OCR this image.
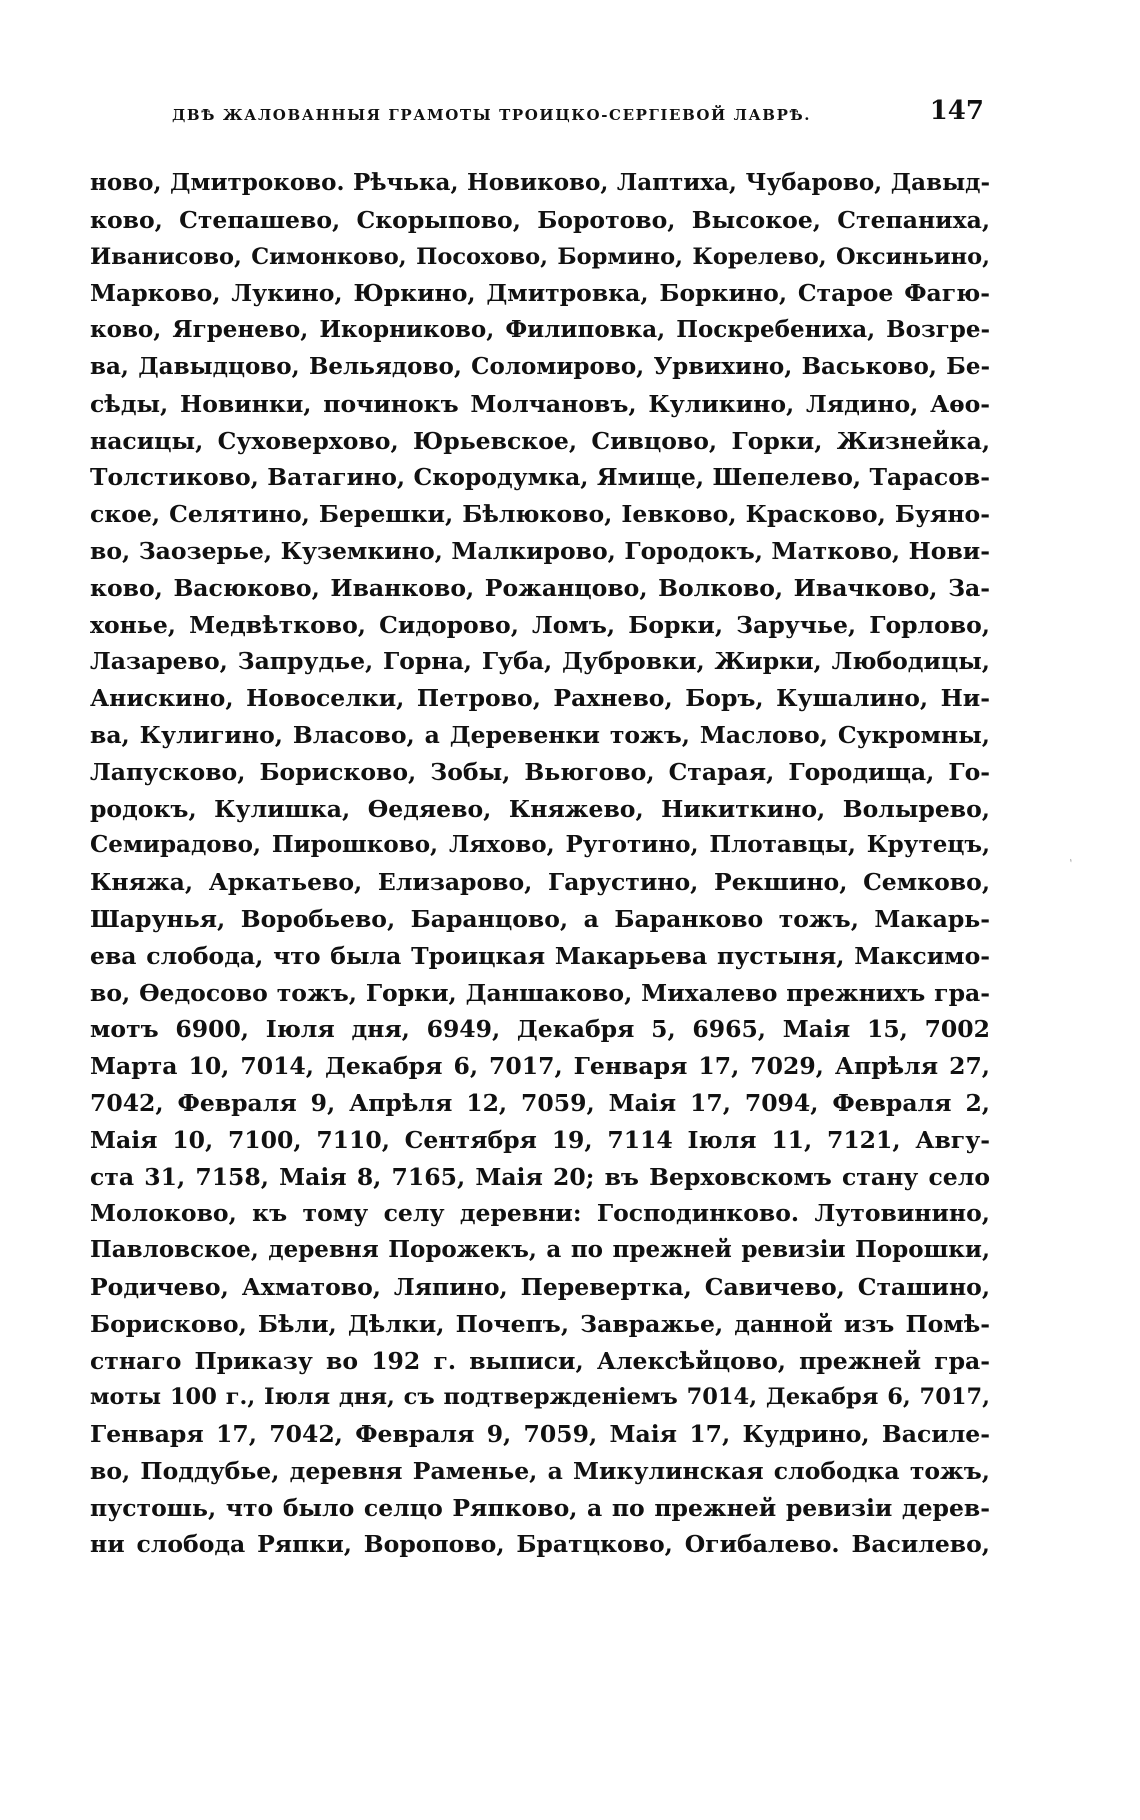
ДВѢ ЖАЛОВАННЫЯ ГРАМОТЫ ТРОИЦКО-СЕРГІЕВОЙ ЛАВРѢ.	147
ново, Дмитроково. Рѣчька, Новиково, Лаптиха, Чубарово, Давыд-
ково, Степашево, Скорыпово, Боротово, Высокое, Степаниха,
Иванисово, Симонково, Посохово, Бормино, Корелево, Оксиньино,
Марково, Лукино, Юркино, Дмитровка, Боркино, Старое Фагю-
ково, Ягренево, Икорниково, Филиповка, Поскребениха, Возгре-
ва, Давыдцово, Вельядово, Соломирово, Урвихино, Васьково, Бе-
сѣды, Новинки, починокъ Молчановъ, Куликино, Лядино, Аѳо-
насицы, Суховерхово, Юрьевское, Сивцово, Горки, Жизнейка,
Толстиково, Ватагино, Скородумка, Ямище, Шепелево, Тарасов-
ское, Селятино, Берешки, Бѣлюково, Іевково, Красково, Буяно-
во, Заозерье, Куземкино, Малкирово, Городокъ, Матково, Нови-
ково, Васюково, Иванково, Рожанцово, Волково, Ивачково, За-
хонье, Медвѣтково, Сидорово, Ломъ, Борки, Заручье, Горлово,
Лазарево, Запрудье, Горна, Губа, Дубровки, Жирки, Любодицы,
Анискино, Новоселки, Петрово, Рахнево, Боръ, Кушалино, Ни-
ва, Кулигино, Власово, а Деревенки тожъ, Маслово, Сукромны,
Лапусково, Борисково, Зобы, Вьюгово, Старая, Городища, Го-
родокъ, Кулишка, Ѳедяево, Княжево, Никиткино, Волырево,
Семирадово, Пирошково, Ляхово, Руготино, Плотавцы, Крутецъ,
Княжа, Аркатьево, Елизарово, Гарустино, Рекшино, Семково,
Шарунья, Воробьево, Баранцово, а Баранково тожъ, Макарь-
ева слобода, что была Троицкая Макарьева пустыня, Максимо-
во, Ѳедосово тожъ, Горки, Даншаково, Михалево прежнихъ гра-
мотъ 6900, Іюля дня, 6949, Декабря 5, 6965, Маія 15, 7002
Марта 10, 7014, Декабря 6, 7017, Генваря 17, 7029, Апрѣля 27,
7042, Февраля 9, Апрѣля 12, 7059, Маія 17, 7094, Февраля 2,
Маія 10, 7100, 7110, Сентября 19, 7114 Іюля 11, 7121, Авгу-
ста 31, 7158, Маія 8, 7165, Маія 20; въ Верховскомъ стану село
Молоково, къ тому селу деревни: Господинково. Лутовинино,
Павловское, деревня Порожекъ, а по прежней ревизіи Порошки,
Родичево, Ахматово, Ляпино, Перевертка, Савичево, Сташино,
Борисково, Бѣли, Дѣлки, Почепъ, Завражье, данной изъ Помѣ-
стнаго Приказу во 192 г. выписи, Алексѣйцово, прежней гра-
моты 100 г., Іюля дня, съ подтвержденіемъ 7014, Декабря 6, 7017,
Генваря 17, 7042, Февраля 9, 7059, Маія 17, Кудрино, Василе-
во, Поддубье, деревня Раменье, а Микулинская слободка тожъ,
пустошь, что было селцо Ряпково, а по прежней ревизіи дерев-
ни слобода Ряпки, Воропово, Братцково, Огибалево. Василево,
ˎ
